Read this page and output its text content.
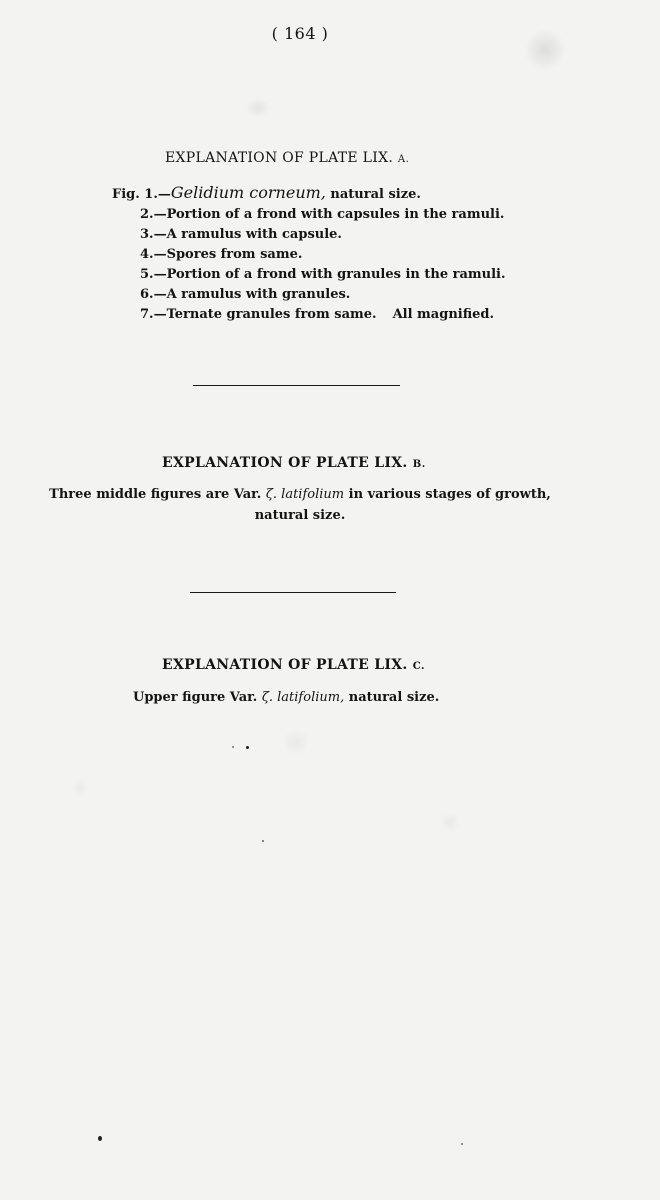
( 164 )
EXPLANATION OF PLATE LIX. A.
Fig. 1.—Gelidium corneum, natural size.
2.—Portion of a frond with capsules in the ramuli.
3.—A ramulus with capsule.
4.—Spores from same.
5.—Portion of a frond with granules in the ramuli.
6.—A ramulus with granules.
7.—Ternate granules from same. All magnified.
EXPLANATION OF PLATE LIX. B.
Three middle figures are Var. ζ. latifolium in various stages of growth,
natural size.
EXPLANATION OF PLATE LIX. C.
Upper figure Var. ζ. latifolium, natural size.
